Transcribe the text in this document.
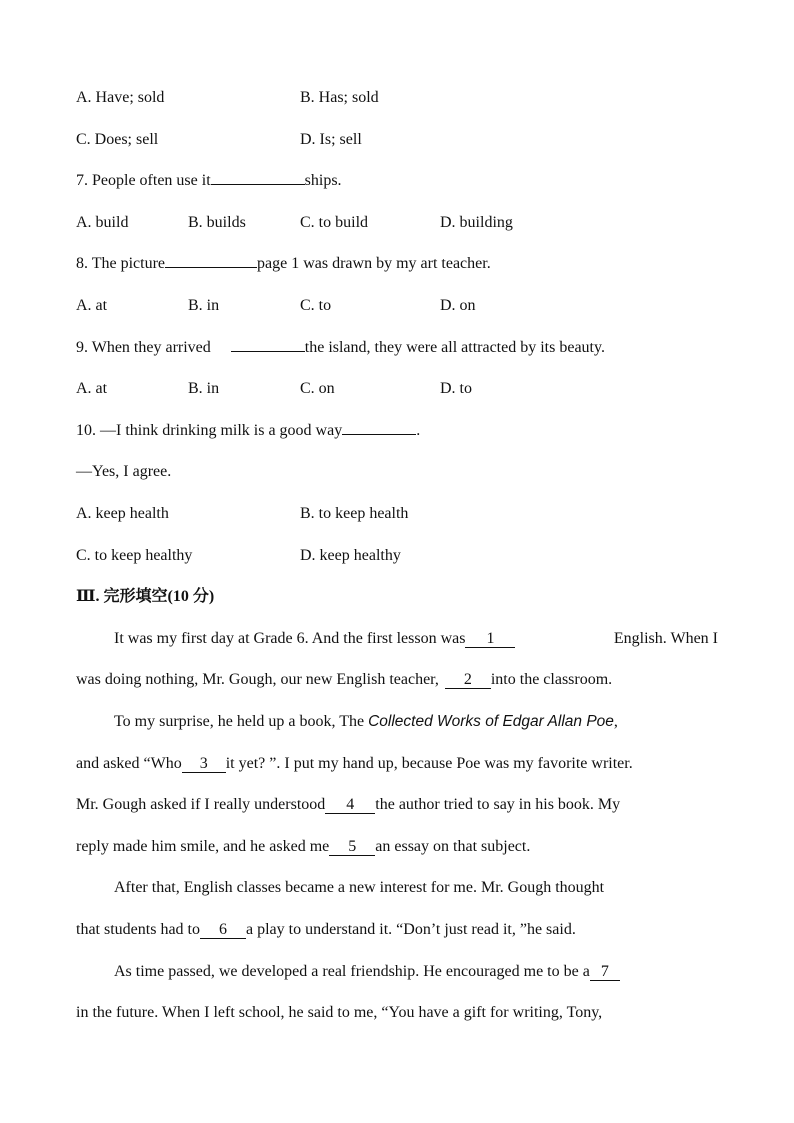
A. Have; sold	B. Has; sold
C. Does; sell	D. Is; sell
7. People often use it	ships.
A. build	B. builds	C. to build	D. building
8. The picture	page 1 was drawn by my art teacher.
A. at	B. in	C. to	D. on
9. When they arrived	the island, they were all attracted by its beauty.
A. at	B. in	C. on	D. to
10. —I think drinking milk is a good way	.
—Yes, I agree.
A. keep health	B. to keep health
C. to keep healthy	D. keep healthy
Ⅲ. 完形填空(10 分)
It was my first day at Grade 6. And the first lesson was 1	English. When I
was doing nothing, Mr. Gough, our new English teacher, 2 into the classroom.
To my surprise, he held up a book, The Collected Works of Edgar Allan Poe,
and asked “Who 3 it yet? ”. I put my hand up, because Poe was my favorite writer.
Mr. Gough asked if I really understood 4 the author tried to say in his book. My
reply made him smile, and he asked me 5 an essay on that subject.
After that, English classes became a new interest for me. Mr. Gough thought
that students had to 6 a play to understand it. “Don’t just read it, ”he said.
As time passed, we developed a real friendship. He encouraged me to be a 7
in the future. When I left school, he said to me, “You have a gift for writing, Tony,
